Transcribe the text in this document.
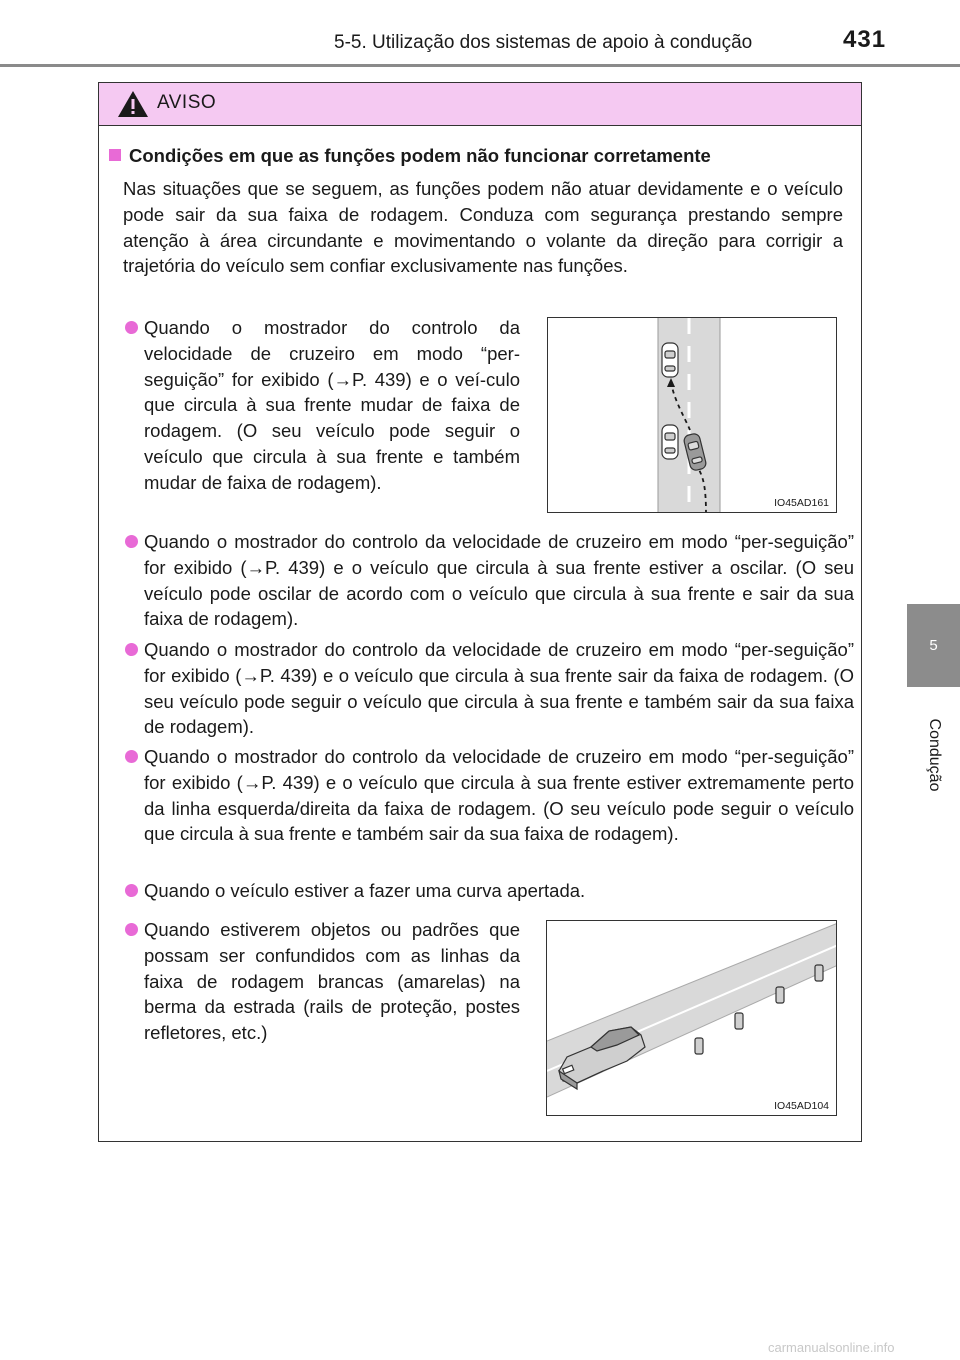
5-5. Utilização dos sistemas de apoio à condução	431
5
Condução
AVISO
Condições em que as funções podem não funcionar corretamente
Nas situações que se seguem, as funções podem não atuar devidamente e o veículo pode sair da sua faixa de rodagem. Conduza com segurança prestando sempre atenção à área circundante e movimentando o volante da direção para corrigir a trajetória do veículo sem confiar exclusivamente nas funções.
Quando o mostrador do controlo da velocidade de cruzeiro em modo “per-seguição” for exibido (→P. 439) e o veí-culo que circula à sua frente mudar de faixa de rodagem. (O seu veículo pode seguir o veículo que circula à sua frente e também mudar de faixa de rodagem).
IO45AD161
Quando o mostrador do controlo da velocidade de cruzeiro em modo “per-seguição” for exibido (→P. 439) e o veículo que circula à sua frente estiver a oscilar. (O seu veículo pode oscilar de acordo com o veículo que circula à sua frente e sair da sua faixa de rodagem).
Quando o mostrador do controlo da velocidade de cruzeiro em modo “per-seguição” for exibido (→P. 439) e o veículo que circula à sua frente sair da faixa de rodagem. (O seu veículo pode seguir o veículo que circula à sua frente e também sair da sua faixa de rodagem).
Quando o mostrador do controlo da velocidade de cruzeiro em modo “per-seguição” for exibido (→P. 439) e o veículo que circula à sua frente estiver extremamente perto da linha esquerda/direita da faixa de rodagem. (O seu veículo pode seguir o veículo que circula à sua frente e também sair da sua faixa de rodagem).
Quando o veículo estiver a fazer uma curva apertada.
Quando estiverem objetos ou padrões que possam ser confundidos com as linhas da faixa de rodagem brancas (amarelas) na berma da estrada (rails de proteção, postes refletores, etc.)
IO45AD104
carmanualsonline.info
